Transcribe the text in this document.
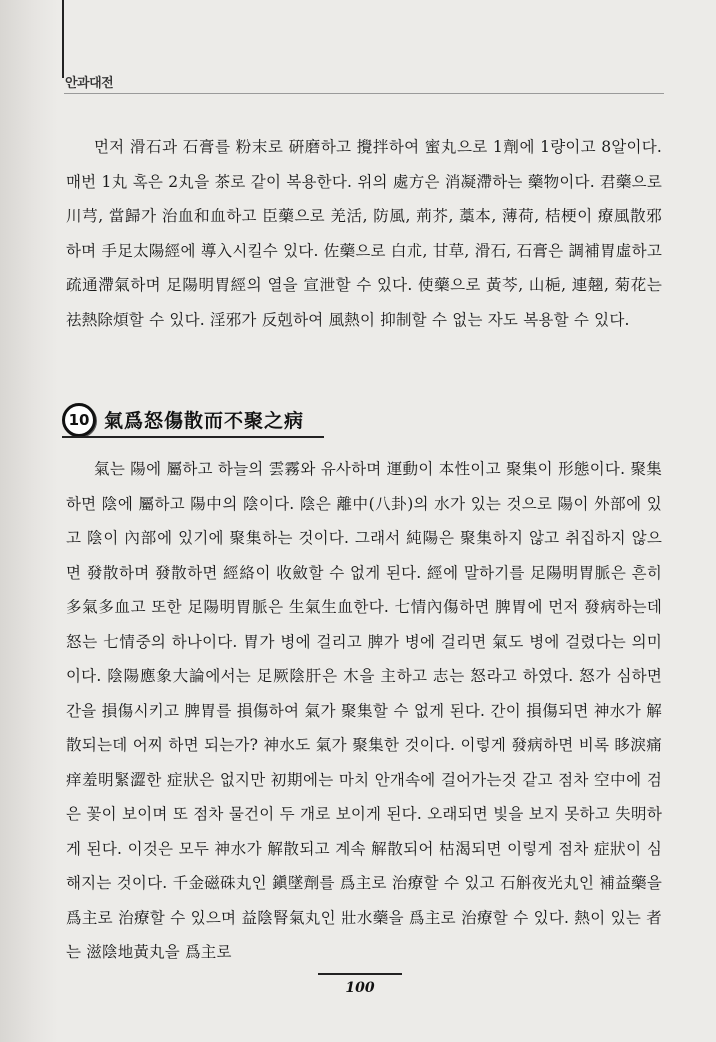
안과대전

먼저 滑石과 石膏를 粉末로 硏磨하고 攪拌하여 蜜丸으로 1劑에 1량이고 8알이다. 매번 1丸 혹은 2丸을 茶로 같이 복용한다. 위의 處方은 消凝滯하는 藥物이다. 君藥으로 川芎, 當歸가 治血和血하고 臣藥으로 羌活, 防風, 荊芥, 藁本, 薄荷, 桔梗이 療風散邪하며 手足太陽經에 導入시킬수 있다. 佐藥으로 白朮, 甘草, 滑石, 石膏은 調補胃虛하고 疏通滯氣하며 足陽明胃經의 열을 宣泄할 수 있다. 使藥으로 黃芩, 山梔, 連翹, 菊花는 祛熱除煩할 수 있다. 淫邪가 反剋하여 風熱이 抑制할 수 없는 자도 복용할 수 있다.

10 氣爲怒傷散而不聚之病

氣는 陽에 屬하고 하늘의 雲霧와 유사하며 運動이 本性이고 聚集이 形態이다. 聚集하면 陰에 屬하고 陽中의 陰이다. 陰은 離中(八卦)의 水가 있는 것으로 陽이 外部에 있고 陰이 內部에 있기에 聚集하는 것이다. 그래서 純陽은 聚集하지 않고 취집하지 않으면 發散하며 發散하면 經絡이 收斂할 수 없게 된다. 經에 말하기를 足陽明胃脈은 흔히 多氣多血고 또한 足陽明胃脈은 生氣生血한다. 七情內傷하면 脾胃에 먼저 發病하는데 怒는 七情중의 하나이다. 胃가 병에 걸리고 脾가 병에 걸리면 氣도 병에 걸렸다는 의미이다. 陰陽應象大論에서는 足厥陰肝은 木을 主하고 志는 怒라고 하였다. 怒가 심하면 간을 損傷시키고 脾胃를 損傷하여 氣가 聚集할 수 없게 된다. 간이 損傷되면 神水가 解散되는데 어찌 하면 되는가? 神水도 氣가 聚集한 것이다. 이렇게 發病하면 비록 眵淚痛痒羞明緊澀한 症狀은 없지만 初期에는 마치 안개속에 걸어가는것 같고 점차 空中에 검은 꽃이 보이며 또 점차 물건이 두 개로 보이게 된다. 오래되면 빛을 보지 못하고 失明하게 된다. 이것은 모두 神水가 解散되고 계속 解散되어 枯渴되면 이렇게 점차 症狀이 심해지는 것이다. 千金磁硃丸인 鎭墜劑를 爲主로 治療할 수 있고 石斛夜光丸인 補益藥을 爲主로 治療할 수 있으며 益陰腎氣丸인 壯水藥을 爲主로 治療할 수 있다. 熱이 있는 者는 滋陰地黃丸을 爲主로

100
